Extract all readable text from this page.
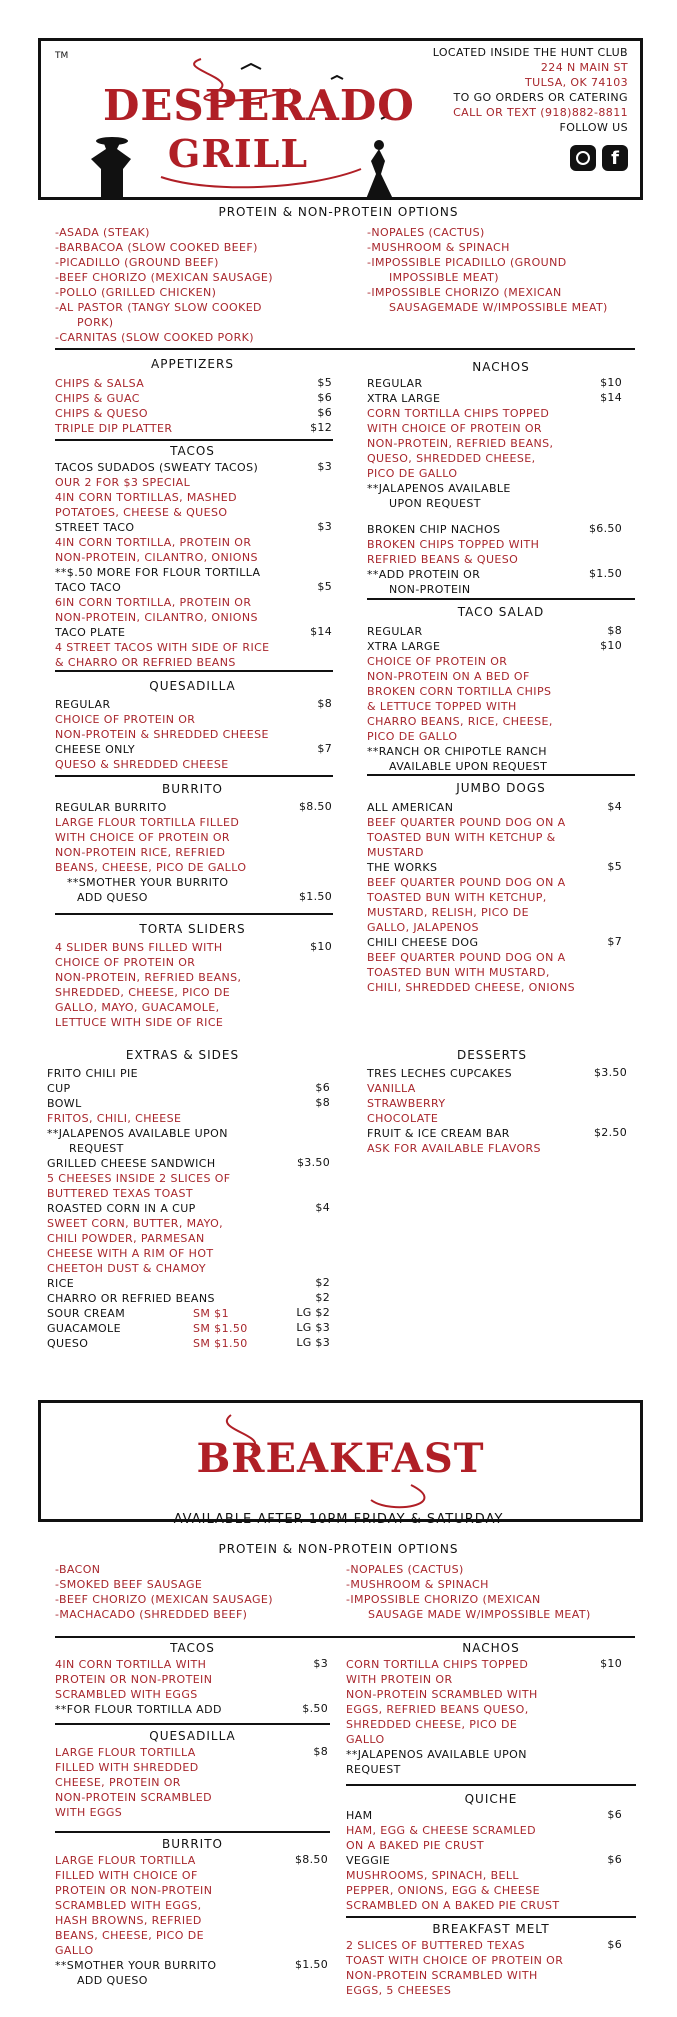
TM
DESPERADO
GRILL
LOCATED INSIDE THE HUNT CLUB
224 N MAIN ST
TULSA, OK 74103
TO GO ORDERS OR CATERING
CALL OR TEXT (918)882-8811
FOLLOW US
f
PROTEIN & NON-PROTEIN OPTIONS
-ASADA (STEAK)
-BARBACOA (SLOW COOKED BEEF)
-PICADILLO (GROUND BEEF)
-BEEF CHORIZO (MEXICAN SAUSAGE)
-POLLO (GRILLED CHICKEN)
-AL PASTOR (TANGY SLOW COOKED
PORK)
-CARNITAS (SLOW COOKED PORK)
-NOPALES (CACTUS)
-MUSHROOM & SPINACH
-IMPOSSIBLE PICADILLO (GROUND
IMPOSSIBLE MEAT)
-IMPOSSIBLE CHORIZO (MEXICAN
SAUSAGEMADE W/IMPOSSIBLE MEAT)
APPETIZERS
CHIPS & SALSA
CHIPS & GUAC
CHIPS & QUESO
TRIPLE DIP PLATTER
$5
$6
$6
$12
TACOS
TACOS SUDADOS (SWEATY TACOS)
OUR 2 FOR $3 SPECIAL
4IN CORN TORTILLAS, MASHED
POTATOES, CHEESE & QUESO
STREET TACO
4IN CORN TORTILLA, PROTEIN OR
NON-PROTEIN, CILANTRO, ONIONS
**$.50 MORE FOR FLOUR TORTILLA
TACO TACO
6IN CORN TORTILLA, PROTEIN OR
NON-PROTEIN, CILANTRO, ONIONS
TACO PLATE
4 STREET TACOS WITH SIDE OF RICE
& CHARRO OR REFRIED BEANS
$3
$3
$5
$14
QUESADILLA
REGULAR
CHOICE OF PROTEIN OR
NON-PROTEIN & SHREDDED CHEESE
CHEESE ONLY
QUESO & SHREDDED CHEESE
$8
$7
BURRITO
REGULAR BURRITO
LARGE FLOUR TORTILLA FILLED
WITH CHOICE OF PROTEIN OR
NON-PROTEIN RICE, REFRIED
BEANS, CHEESE, PICO DE GALLO
**SMOTHER YOUR BURRITO
ADD QUESO
$8.50
$1.50
TORTA SLIDERS
4 SLIDER BUNS FILLED WITH
CHOICE OF PROTEIN OR
NON-PROTEIN, REFRIED BEANS,
SHREDDED, CHEESE, PICO DE
GALLO, MAYO, GUACAMOLE,
LETTUCE WITH SIDE OF RICE
$10
NACHOS
REGULAR
XTRA LARGE
CORN TORTILLA CHIPS TOPPED
WITH CHOICE OF PROTEIN OR
NON-PROTEIN, REFRIED BEANS,
QUESO, SHREDDED CHEESE,
PICO DE GALLO
**JALAPENOS AVAILABLE
UPON REQUEST
$10
$14
BROKEN CHIP NACHOS
BROKEN CHIPS TOPPED WITH
REFRIED BEANS & QUESO
**ADD PROTEIN OR
NON-PROTEIN
$6.50
$1.50
TACO SALAD
REGULAR
XTRA LARGE
CHOICE OF PROTEIN OR
NON-PROTEIN ON A BED OF
BROKEN CORN TORTILLA CHIPS
& LETTUCE TOPPED WITH
CHARRO BEANS, RICE, CHEESE,
PICO DE GALLO
**RANCH OR CHIPOTLE RANCH
AVAILABLE UPON REQUEST
$8
$10
JUMBO DOGS
ALL AMERICAN
BEEF QUARTER POUND DOG ON A
TOASTED BUN WITH KETCHUP &
MUSTARD
THE WORKS
BEEF QUARTER POUND DOG ON A
TOASTED BUN WITH KETCHUP,
MUSTARD, RELISH, PICO DE
GALLO, JALAPENOS
CHILI CHEESE DOG
BEEF QUARTER POUND DOG ON A
TOASTED BUN WITH MUSTARD,
CHILI, SHREDDED CHEESE, ONIONS
$4
$5
$7
EXTRAS & SIDES
FRITO CHILI PIE
CUP
BOWL
FRITOS, CHILI, CHEESE
**JALAPENOS AVAILABLE UPON
REQUEST
GRILLED CHEESE SANDWICH
5 CHEESES INSIDE 2 SLICES OF
BUTTERED TEXAS TOAST
ROASTED CORN IN A CUP
SWEET CORN, BUTTER, MAYO,
CHILI POWDER, PARMESAN
CHEESE WITH A RIM OF HOT
CHEETOH DUST & CHAMOY
RICE
CHARRO OR REFRIED BEANS
SOUR CREAM
GUACAMOLE
QUESO
$6
$8
$3.50
$4
$2
$2
SM $1
SM $1.50
SM $1.50
LG $2
LG $3
LG $3
DESSERTS
TRES LECHES CUPCAKES
VANILLA
STRAWBERRY
CHOCOLATE
FRUIT & ICE CREAM BAR
ASK FOR AVAILABLE FLAVORS
$3.50
$2.50
BREAKFAST
AVAILABLE AFTER 10PM FRIDAY & SATURDAY
PROTEIN & NON-PROTEIN OPTIONS
-BACON
-SMOKED BEEF SAUSAGE
-BEEF CHORIZO (MEXICAN SAUSAGE)
-MACHACADO (SHREDDED BEEF)
-NOPALES (CACTUS)
-MUSHROOM & SPINACH
-IMPOSSIBLE CHORIZO (MEXICAN
SAUSAGE MADE W/IMPOSSIBLE MEAT)
TACOS
4IN CORN TORTILLA WITH
PROTEIN OR NON-PROTEIN
SCRAMBLED WITH EGGS
**FOR FLOUR TORTILLA ADD
$3
$.50
QUESADILLA
LARGE FLOUR TORTILLA
FILLED WITH SHREDDED
CHEESE, PROTEIN OR
NON-PROTEIN SCRAMBLED
WITH EGGS
$8
BURRITO
LARGE FLOUR TORTILLA
FILLED WITH CHOICE OF
PROTEIN OR NON-PROTEIN
SCRAMBLED WITH EGGS,
HASH BROWNS, REFRIED
BEANS, CHEESE, PICO DE
GALLO
**SMOTHER YOUR BURRITO
ADD QUESO
$8.50
$1.50
NACHOS
CORN TORTILLA CHIPS TOPPED
WITH PROTEIN OR
NON-PROTEIN SCRAMBLED WITH
EGGS, REFRIED BEANS QUESO,
SHREDDED CHEESE, PICO DE
GALLO
**JALAPENOS AVAILABLE UPON
REQUEST
$10
QUICHE
HAM
HAM, EGG & CHEESE SCRAMLED
ON A BAKED PIE CRUST
VEGGIE
MUSHROOMS, SPINACH, BELL
PEPPER, ONIONS, EGG & CHEESE
SCRAMBLED ON A BAKED PIE CRUST
$6
$6
BREAKFAST MELT
2 SLICES OF BUTTERED TEXAS
TOAST WITH CHOICE OF PROTEIN OR
NON-PROTEIN SCRAMBLED WITH
EGGS, 5 CHEESES
$6
